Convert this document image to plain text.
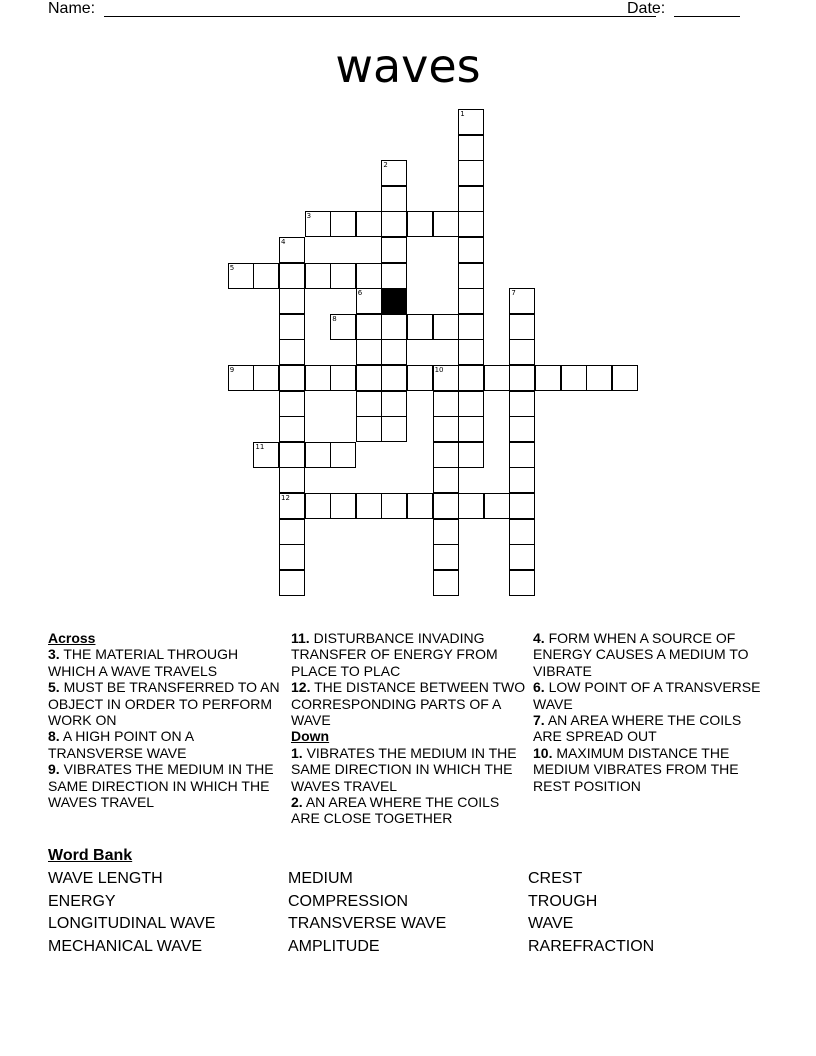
Name:	Date:
waves
1
2
3
4
12
5
6	7
8
9	10
11
Across
3. THE MATERIAL THROUGH WHICH A WAVE TRAVELS
5. MUST BE TRANSFERRED TO AN OBJECT IN ORDER TO PERFORM WORK ON
8. A HIGH POINT ON A TRANSVERSE WAVE
9. VIBRATES THE MEDIUM IN THE SAME DIRECTION IN WHICH THE WAVES TRAVEL
11. DISTURBANCE INVADING TRANSFER OF ENERGY FROM PLACE TO PLAC
12. THE DISTANCE BETWEEN TWO CORRESPONDING PARTS OF A WAVE
Down
1. VIBRATES THE MEDIUM IN THE SAME DIRECTION IN WHICH THE WAVES TRAVEL
2. AN AREA WHERE THE COILS ARE CLOSE TOGETHER
4. FORM WHEN A SOURCE OF ENERGY CAUSES A MEDIUM TO VIBRATE
6. LOW POINT OF A TRANSVERSE WAVE
7. AN AREA WHERE THE COILS ARE SPREAD OUT
10. MAXIMUM DISTANCE THE MEDIUM VIBRATES FROM THE REST POSITION
Word Bank
WAVE LENGTH
ENERGY
LONGITUDINAL WAVE
MECHANICAL WAVE
MEDIUM
COMPRESSION
TRANSVERSE WAVE
AMPLITUDE
CREST
TROUGH
WAVE
RAREFRACTION
